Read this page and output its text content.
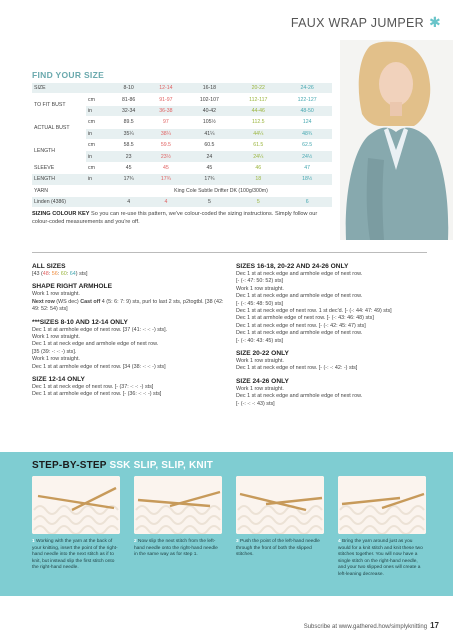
FAUX WRAP JUMPER ✱
FIND YOUR SIZE
SIZE		8-10	12-14	16-18	20-22	24-26
TO FIT BUST	cm	81-86	91-97	102-107	112-117	122-127
	in	32-34	36-38	40-42	44-46	48-50
ACTUAL BUST	cm	89.5	97	105½	112.5	124
	in	35¼	38¼	41¼	44¼	48¾
LENGTH	cm	58.5	59.5	60.5	61.5	62.5
	in	23	23½	24	24¼	24½
SLEEVE	cm	45	45	45	46	47
LENGTH	in	17¾	17¾	17¾	18	18½
YARN		King Cole Subtle Drifter DK (100g/300m)				
Linden (4386)		4	4	5	5	6
SIZING COLOUR KEY So you can re-use this pattern, we've colour-coded the sizing instructions. Simply follow our colour-coded measurements and you're off.
ALL SIZES
[43 (48: 56: 60: 64) sts]
SHAPE RIGHT ARMHOLE
Work 1 row straight.
Next row (WS dec) Cast off 4 (5: 6: 7: 9) sts, purl to last 2 sts, p2togtbl. [38 (42: 49: 52: 54) sts]
***SIZES 8-10 AND 12-14 ONLY
Dec 1 st at armhole edge of next row. [37 (41: -: -: -) sts].
Work 1 row straight.
Dec 1 st at neck edge and armhole edge of next row.
[35 (39: -: -: -) sts].
Work 1 row straight.
Dec 1 st at armhole edge of next row. [34 (38: -: -: -) sts]
SIZE 12-14 ONLY
Dec 1 st at neck edge of next row. [- (37: -: -: -) sts]
Dec 1 st at armhole edge of next row. [- (36: -: -: -) sts]
SIZES 16-18, 20-22 AND 24-26 ONLY
Dec 1 st at neck edge and armhole edge of next row.
[- (-: 47: 50: 52) sts]
Work 1 row straight.
Dec 1 st at neck edge and armhole edge of next row.
[- (-: 45: 48: 50) sts]
Dec 1 st at neck edge of next row. 1 st dec'd. [- (-: 44: 47: 49) sts]
Dec 1 st at armhole edge of next row. [- (-: 43: 46: 48) sts]
Dec 1 st at neck edge of next row. [- (-: 42: 45: 47) sts]
Dec 1 st at neck edge and armhole edge of next row.
[- (-: 40: 43: 45) sts]
SIZE 20-22 ONLY
Work 1 row straight.
Dec 1 st at neck edge of next row. [- (-: -: 42: -) sts]
SIZE 24-26 ONLY
Work 1 row straight.
Dec 1 st at neck edge and armhole edge of next row.
[- (-: -: -: 43) sts]
STEP-BY-STEP SSK SLIP, SLIP, KNIT
1 Working with the yarn at the back of your knitting, insert the point of the right-hand needle into the next stitch as if to knit, but instead slip the first stitch onto the right-hand needle.
2 Now slip the next stitch from the left-hand needle onto the right-hand needle in the same way as for step 1.
3 Push the point of the left-hand needle through the front of both the slipped stitches.
4 Bring the yarn around just as you would for a knit stitch and knit these two stitches together. You will now have a single stitch on the right-hand needle, and your two slipped ones will create a left-leaning decrease.
Subscribe at www.gathered.how/simplyknitting 17
